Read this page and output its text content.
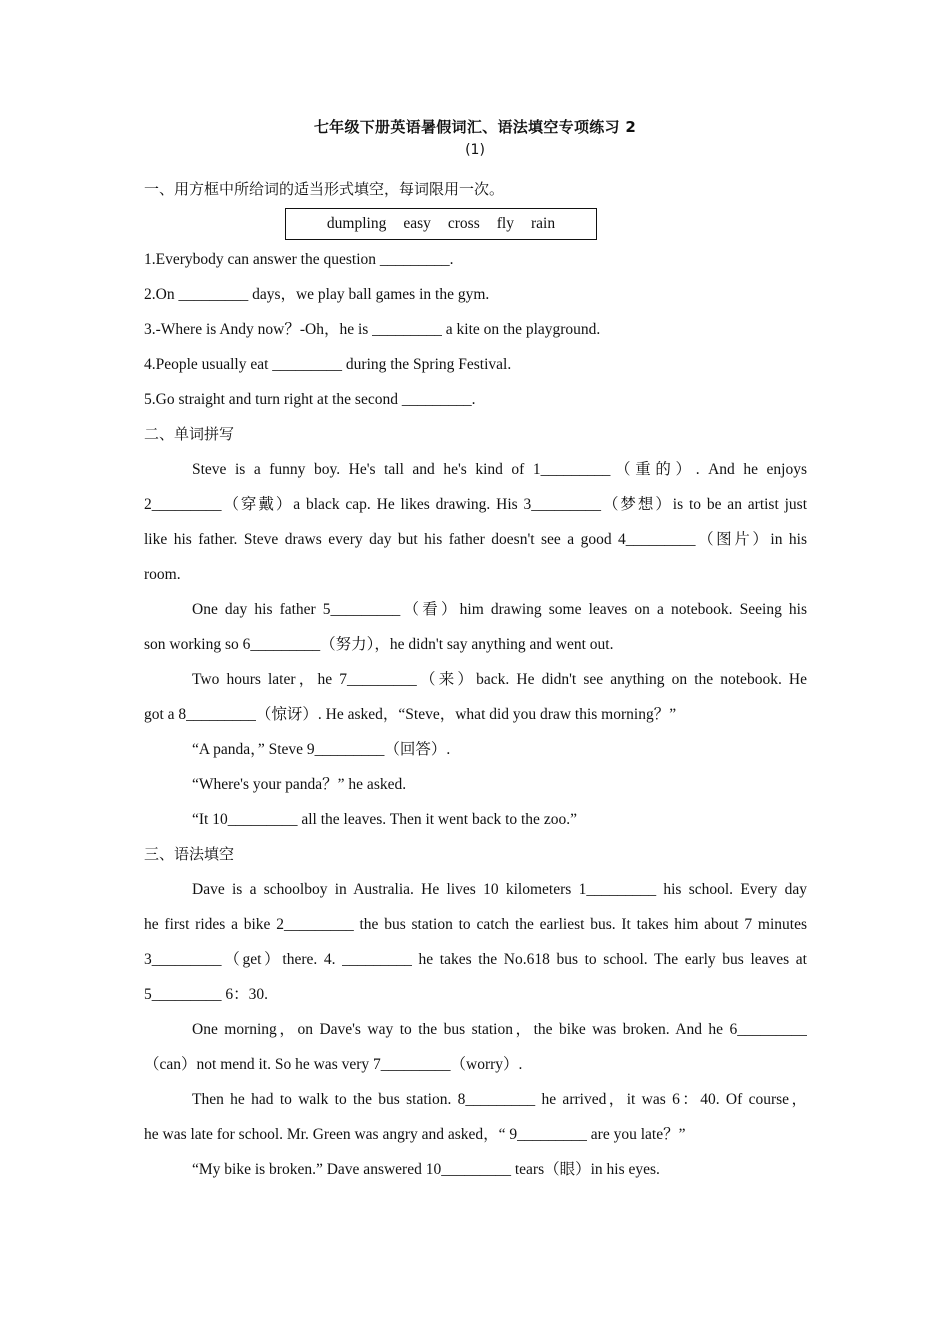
七年级下册英语暑假词汇、语法填空专项练习 2
(1)
一、用方框中所给词的适当形式填空，每词限用一次。
dumpling easy cross fly rain
1.Everybody can answer the question _________.
2.On _________ days，we play ball games in the gym.
3.-Where is Andy now？-Oh，he is _________ a kite on the playground.
4.People usually eat _________ during the Spring Festival.
5.Go straight and turn right at the second _________.
二、单词拼写
Steve is a funny boy. He's tall and he's kind of 1_________（重的）. And he enjoys
2_________（穿戴）a black cap. He likes drawing. His 3_________（梦想）is to be an artist just
like his father. Steve draws every day but his father doesn't see a good 4_________（图片）in his
room.
One day his father 5_________（看）him drawing some leaves on a notebook. Seeing his
son working so 6_________（努力），he didn't say anything and went out.
Two hours later，he 7_________（来）back. He didn't see anything on the notebook. He
got a 8_________（惊讶）. He asked，“Steve，what did you draw this morning？”
“A panda，” Steve 9_________（回答）.
“Where's your panda？” he asked.
“It 10_________ all the leaves. Then it went back to the zoo.”
三、语法填空
Dave is a schoolboy in Australia. He lives 10 kilometers 1_________ his school. Every day
he first rides a bike 2_________ the bus station to catch the earliest bus. It takes him about 7 minutes
3_________（get）there. 4. _________ he takes the No.618 bus to school. The early bus leaves at
5_________ 6：30.
One morning，on Dave's way to the bus station，the bike was broken. And he 6_________
（can）not mend it. So he was very 7_________（worry）.
Then he had to walk to the bus station. 8_________ he arrived，it was 6：40. Of course，
he was late for school. Mr. Green was angry and asked，“ 9_________ are you late？”
“My bike is broken.” Dave answered 10_________ tears（眼）in his eyes.
